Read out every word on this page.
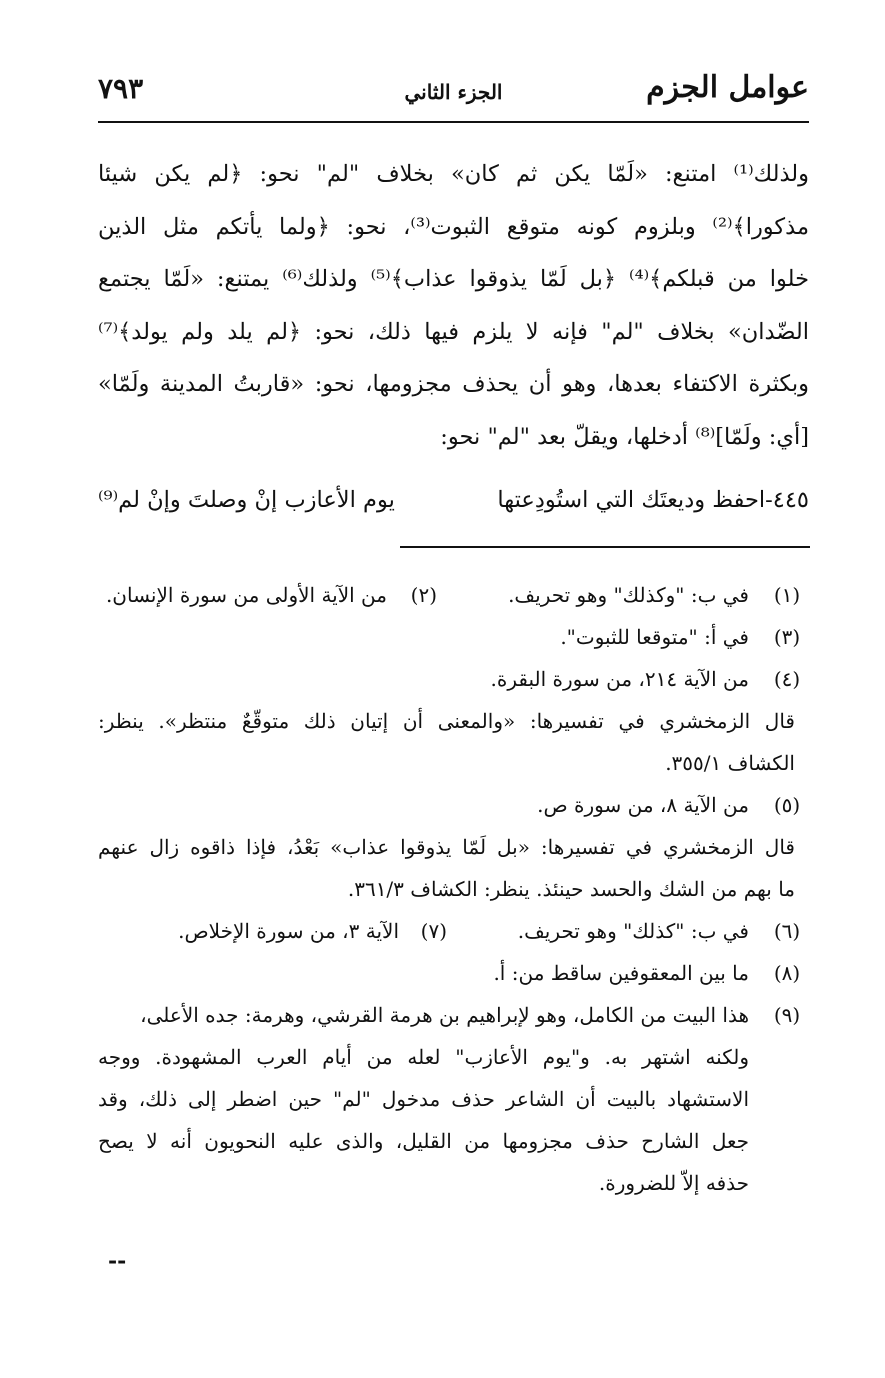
عوامل الجزم
الجزء الثاني
٧٩٣
ولذلك⁽¹⁾ امتنع: «لَمّا يكن ثم كان» بخلاف "لم" نحو: ﴿لم يكن شيئا
مذكورا﴾⁽²⁾ وبلزوم كونه متوقع الثبوت⁽³⁾، نحو: ﴿ولما يأتكم مثل الذين
خلوا من قبلكم﴾⁽⁴⁾ ﴿بل لَمّا يذوقوا عذاب﴾⁽⁵⁾ ولذلك⁽⁶⁾ يمتنع: «لَمّا يجتمع
الضّدان» بخلاف "لم" فإنه لا يلزم فيها ذلك، نحو: ﴿لم يلد ولم يولد﴾⁽⁷⁾
وبكثرة الاكتفاء بعدها، وهو أن يحذف مجزومها، نحو: «قاربتُ المدينة ولَمّا»
[أي: ولَمّا]⁽⁸⁾ أدخلها، ويقلّ بعد "لم" نحو:
٤٤٥-احفظ وديعتَك التي استُودِعتها
يوم الأعازب إنْ وصلتَ وإنْ لم⁽⁹⁾
(١)
في ب: "وكذلك" وهو تحريف.
(٢)
من الآية الأولى من سورة الإنسان.
(٣)
في أ: "متوقعا للثبوت".
(٤)
من الآية ٢١٤، من سورة البقرة.
قال الزمخشري في تفسيرها: «والمعنى أن إتيان ذلك متوقّعٌ منتظر». ينظر:
الكشاف ٣٥٥/١.
(٥)
من الآية ٨، من سورة ص.
قال الزمخشري في تفسيرها: «بل لَمّا يذوقوا عذاب» بَعْدُ، فإذا ذاقوه زال عنهم
ما بهم من الشك والحسد حينئذ. ينظر: الكشاف ٣٦١/٣.
(٦)
في ب: "كذلك" وهو تحريف.
(٧)
الآية ٣، من سورة الإخلاص.
(٨)
ما بين المعقوفين ساقط من: أ.
(٩)
هذا البيت من الكامل، وهو لإبراهيم بن هرمة القرشي، وهرمة: جده الأعلى،
ولكنه اشتهر به. و"يوم الأعازب" لعله من أيام العرب المشهودة. ووجه
الاستشهاد بالبيت أن الشاعر حذف مدخول "لم" حين اضطر إلى ذلك، وقد
جعل الشارح حذف مجزومها من القليل، والذى عليه النحويون أنه لا يصح
حذفه إلاّ للضرورة.
--
